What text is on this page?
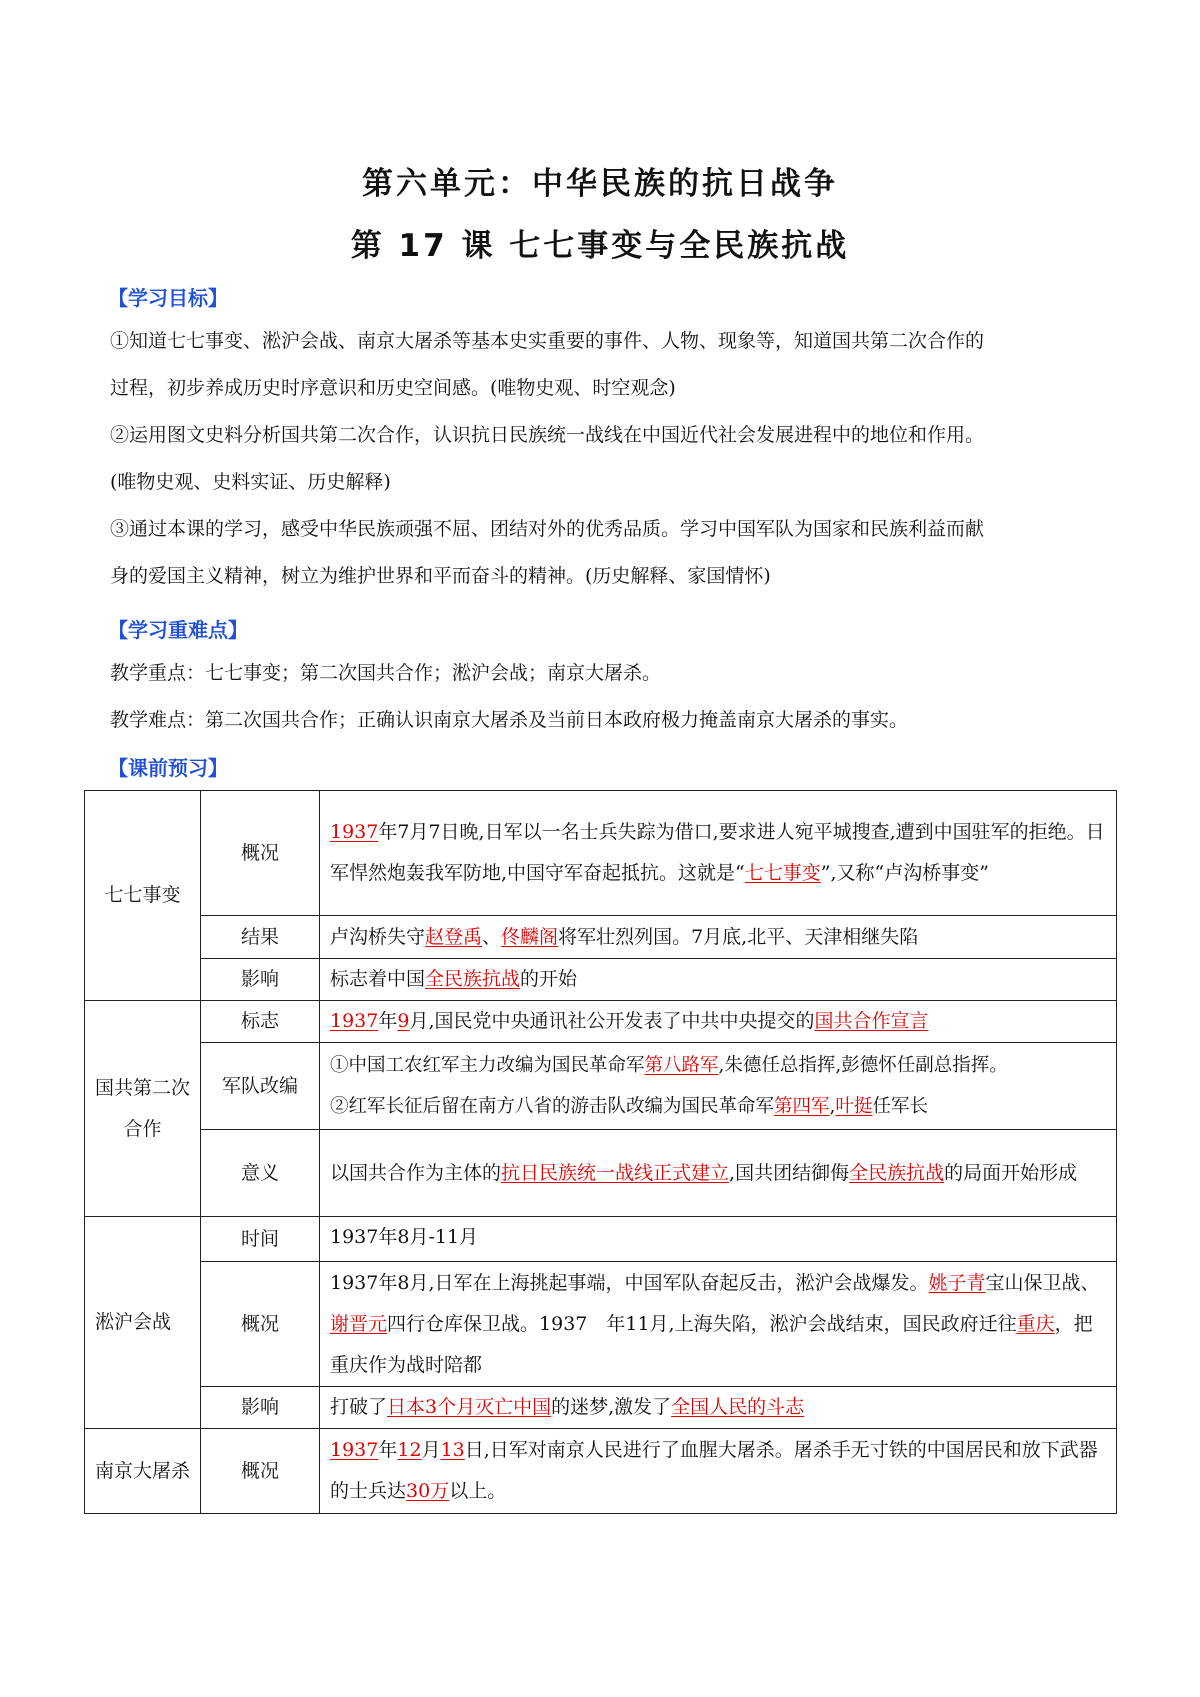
第六单元：中华民族的抗日战争
第 17 课 七七事变与全民族抗战

【学习目标】

①知道七七事变、淞沪会战、南京大屠杀等基本史实重要的事件、人物、现象等，知道国共第二次合作的
过程，初步养成历史时序意识和历史空间感。(唯物史观、时空观念)
②运用图文史料分析国共第二次合作，认识抗日民族统一战线在中国近代社会发展进程中的地位和作用。
(唯物史观、史料实证、历史解释)
③通过本课的学习，感受中华民族顽强不屈、团结对外的优秀品质。学习中国军队为国家和民族利益而献
身的爱国主义精神，树立为维护世界和平而奋斗的精神。(历史解释、家国情怀)

【学习重难点】

教学重点：七七事变；第二次国共合作；淞沪会战；南京大屠杀。
教学难点：第二次国共合作；正确认识南京大屠杀及当前日本政府极力掩盖南京大屠杀的事实。

【课前预习】

七七事变	概况	1937年7月7日晚,日军以一名士兵失踪为借口,要求进人宛平城搜查,遭到中国驻军的拒绝。日军悍然炮轰我军防地,中国守军奋起抵抗。这就是“七七事变”,又称“卢沟桥事变”
	结果	卢沟桥失守赵登禹、佟麟阁将军壮烈列国。7月底,北平、天津相继失陷
	影响	标志着中国全民族抗战的开始
国共第二次合作	标志	1937年9月,国民党中央通讯社公开发表了中共中央提交的国共合作宣言
	军队改编	①中国工农红军主力改编为国民革命军第八路军,朱德任总指挥,彭德怀任副总指挥。
②红军长征后留在南方八省的游击队改编为国民革命军第四军,叶挺任军长
	意义	以国共合作为主体的抗日民族统一战线正式建立,国共团结御侮全民族抗战的局面开始形成
淞沪会战	时间	1937年8月-11月
	概况	1937年8月,日军在上海挑起事端，中国军队奋起反击，淞沪会战爆发。姚子青宝山保卫战、谢晋元四行仓库保卫战。1937　年11月,上海失陷，淞沪会战结束，国民政府迁往重庆，把重庆作为战时陪都
	影响	打破了日本3个月灭亡中国的迷梦,激发了全国人民的斗志
南京大屠杀	概况	1937年12月13日,日军对南京人民进行了血腥大屠杀。屠杀手无寸铁的中国居民和放下武器的士兵达30万以上。
